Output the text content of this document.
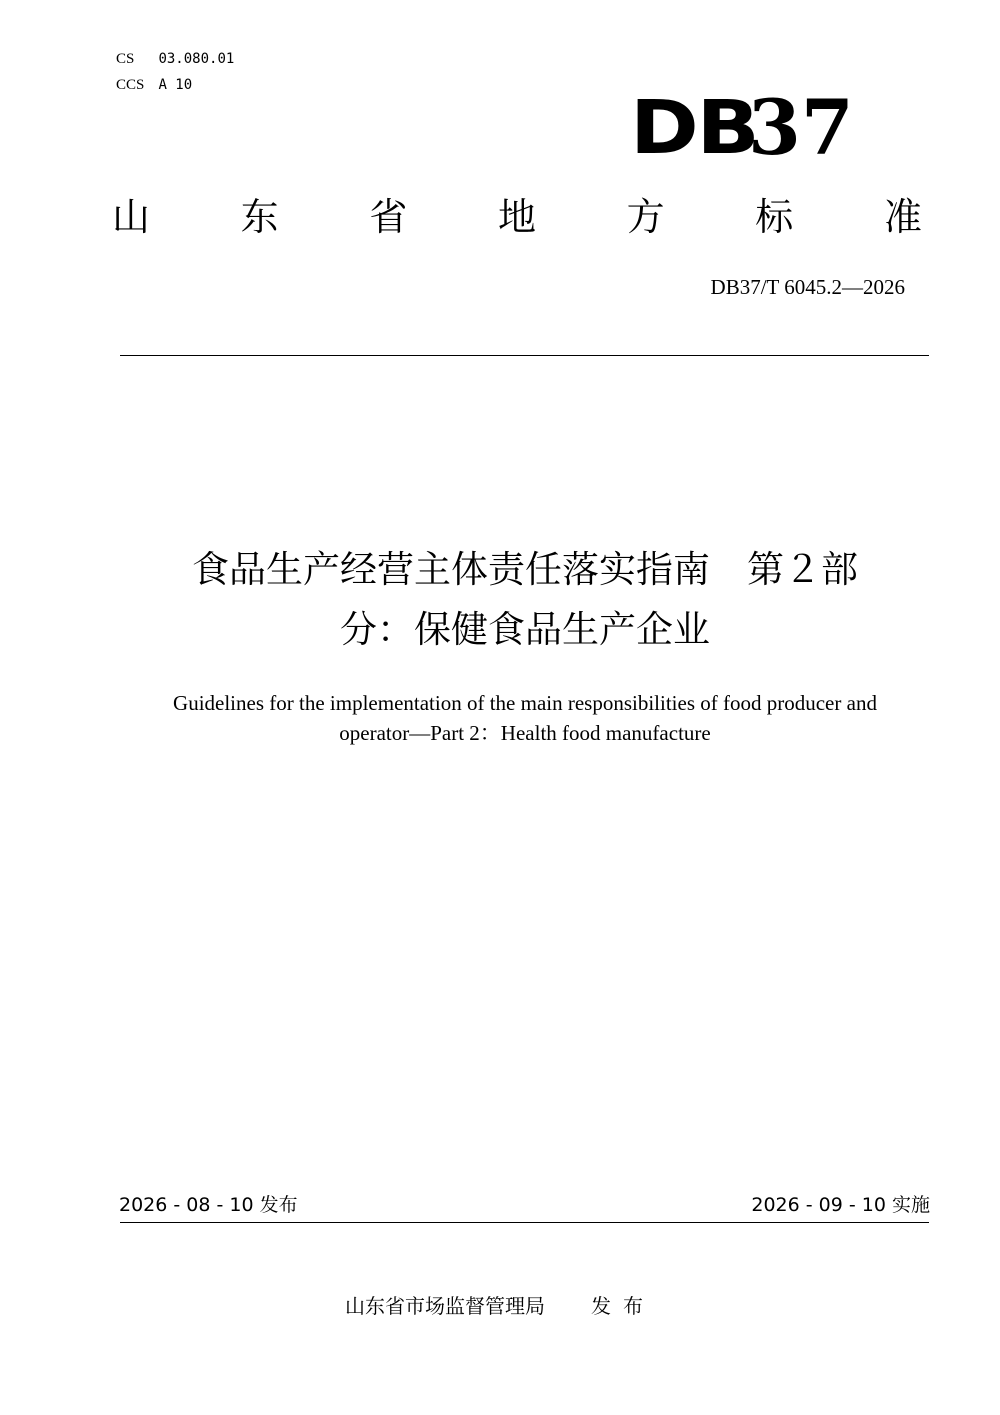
CS 03.080.01
CCS A 10	DB
37
山 东 省 地 方 标 准
DB37/T 6045.2—2026
食品生产经营主体责任落实指南　第２部
分：保健食品生产企业
Guidelines for the implementation of the main responsibilities of food producer and
operator—Part 2：Health food manufacture
2026 - 08 - 10 发布	2026 - 09 - 10 实施
山东省市场监督管理局 发布
